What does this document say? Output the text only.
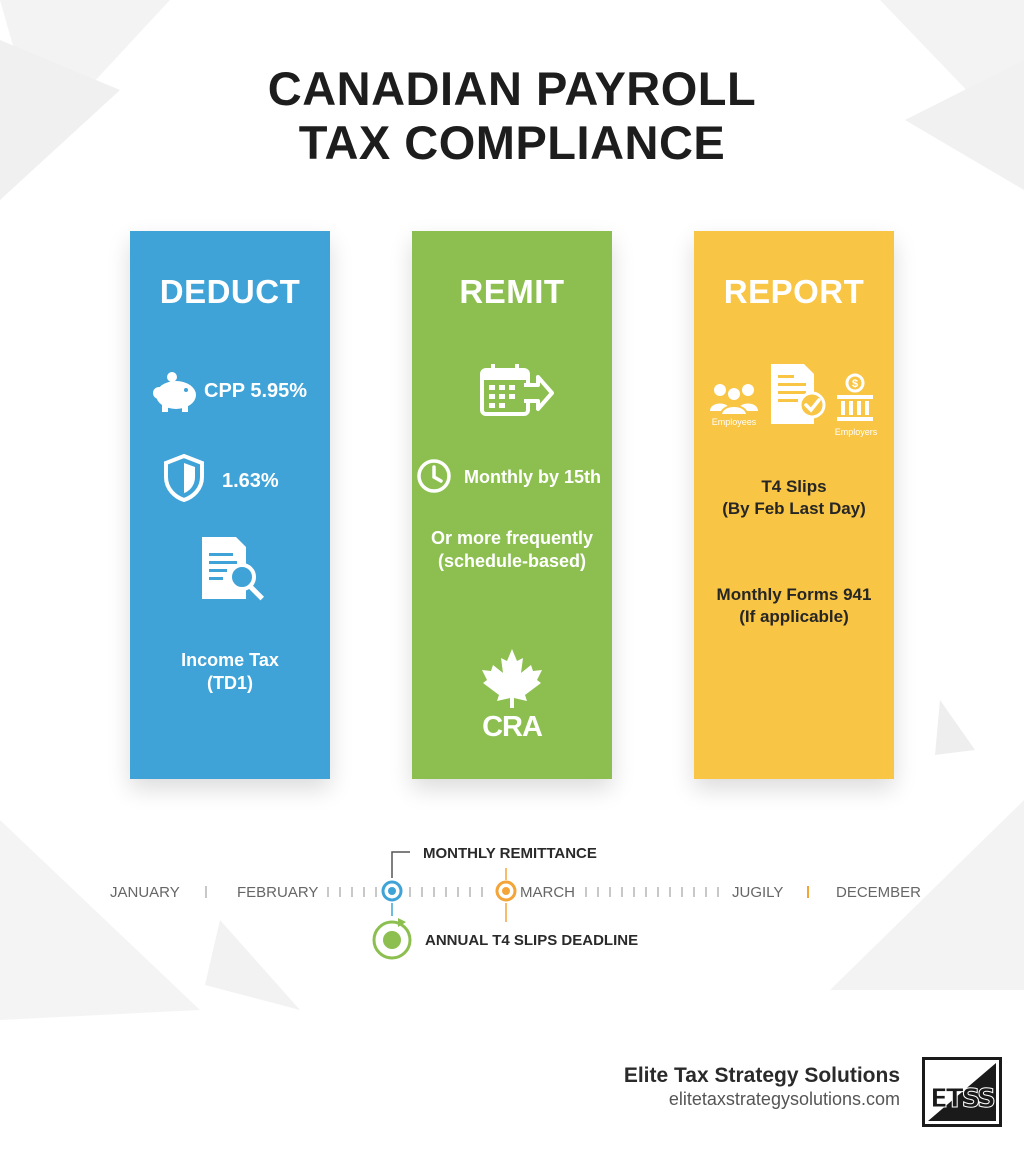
CANADIAN PAYROLL
TAX COMPLIANCE
DEDUCT
CPP 5.95%
1.63%
Income Tax
(TD1)
REMIT
Monthly by 15th
Or more frequently
(schedule-based)
CRA
REPORT
Employees
$
Employers
T4 Slips
(By Feb Last Day)
Monthly Forms 941
(If applicable)
JANUARY	FEBRUARY	MARCH	JUGILY	DECEMBER
MONTHLY REMITTANCE
ANNUAL T4 SLIPS DEADLINE
Elite Tax Strategy Solutions
elitetaxstrategysolutions.com ETSS
